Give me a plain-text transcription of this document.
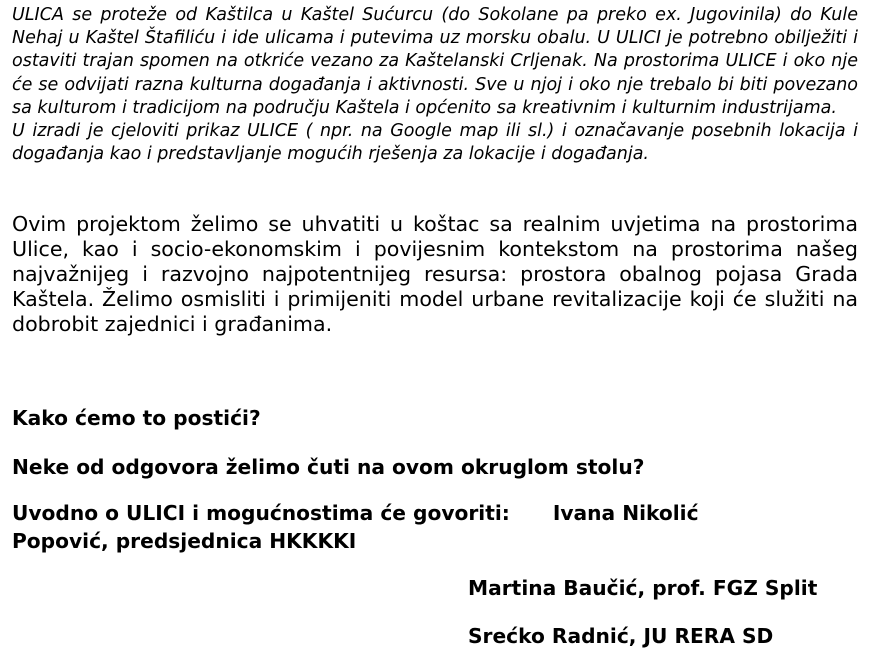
ULICA se proteže od Kaštilca u Kaštel Sućurcu (do Sokolane pa preko ex. Jugovinila) do Kule Nehaj u Kaštel Štafiliću i ide ulicama i putevima uz morsku obalu. U ULICI je potrebno obilježiti i ostaviti trajan spomen na otkriće vezano za Kaštelanski Crljenak. Na prostorima ULICE i oko nje će se odvijati razna kulturna događanja i aktivnosti. Sve u njoj i oko nje trebalo bi biti povezano sa kulturom i tradicijom na području Kaštela i općenito sa kreativnim i kulturnim industrijama.

U izradi je cjeloviti prikaz ULICE ( npr. na Google map ili sl.) i označavanje posebnih lokacija i događanja kao i predstavljanje mogućih rješenja za lokacije i događanja.

Ovim projektom želimo se uhvatiti u koštac sa realnim uvjetima na prostorima Ulice, kao i socio-ekonomskim i povijesnim kontekstom na prostorima našeg najvažnijeg i razvojno najpotentnijeg resursa: prostora obalnog pojasa Grada Kaštela. Želimo osmisliti i primijeniti model urbane revitalizacije koji će služiti na dobrobit zajednici i građanima.

Kako ćemo to postići?
Neke od odgovora želimo čuti na ovom okruglom stolu?
Uvodno o ULICI i mogućnostima će govoriti: Ivana Nikolić
Popović, predsjednica HKKKKI
Martina Baučić, prof. FGZ Split
Srećko Radnić, JU RERA SD
